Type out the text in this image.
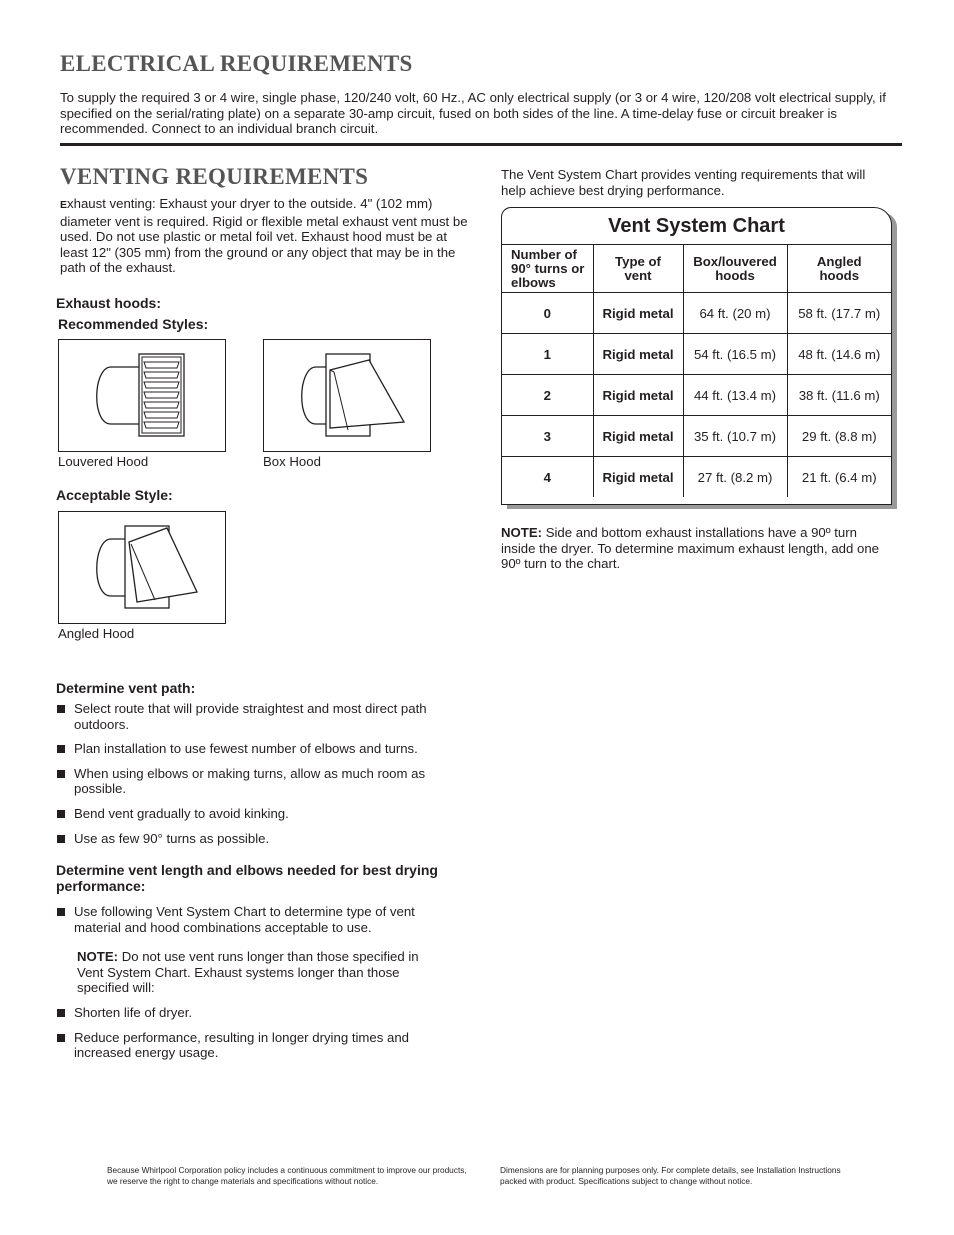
ELECTRICAL REQUIREMENTS

To supply the required 3 or 4 wire, single phase, 120/240 volt, 60 Hz., AC only electrical supply (or 3 or 4 wire, 120/208 volt electrical supply, if specified on the serial/rating plate) on a separate 30-amp circuit, fused on both sides of the line. A time-delay fuse or circuit breaker is recommended. Connect to an individual branch circuit.

VENTING REQUIREMENTS

Exhaust venting: Exhaust your dryer to the outside. 4" (102 mm) diameter vent is required. Rigid or flexible metal exhaust vent must be used. Do not use plastic or metal foil vet. Exhaust hood must be at least 12" (305 mm) from the ground or any object that may be in the path of the exhaust.

Exhaust hoods:

Recommended Styles:

Louvered Hood	Box Hood

Acceptable Style:

Angled Hood

Determine vent path:

Select route that will provide straightest and most direct path outdoors.
Plan installation to use fewest number of elbows and turns.
When using elbows or making turns, allow as much room as possible.
Bend vent gradually to avoid kinking.
Use as few 90° turns as possible.

Determine vent length and elbows needed for best drying performance:

Use following Vent System Chart to determine type of vent material and hood combinations acceptable to use.

NOTE: Do not use vent runs longer than those specified in Vent System Chart. Exhaust systems longer than those specified will:

Shorten life of dryer.
Reduce performance, resulting in longer drying times and increased energy usage.

The Vent System Chart provides venting requirements that will help achieve best drying performance.

Vent System Chart
Number of 90° turns or elbows	Type of vent	Box/louvered hoods	Angled hoods
0	Rigid metal	64 ft. (20 m)	58 ft. (17.7 m)
1	Rigid metal	54 ft. (16.5 m)	48 ft. (14.6 m)
2	Rigid metal	44 ft. (13.4 m)	38 ft. (11.6 m)
3	Rigid metal	35 ft. (10.7 m)	29 ft. (8.8 m)
4	Rigid metal	27 ft. (8.2 m)	21 ft. (6.4 m)

NOTE: Side and bottom exhaust installations have a 90º turn inside the dryer. To determine maximum exhaust length, add one 90º turn to the chart.

Because Whirlpool Corporation policy includes a continuous commitment to improve our products, we reserve the right to change materials and specifications without notice.

Dimensions are for planning purposes only. For complete details, see Installation Instructions packed with product. Specifications subject to change without notice.
